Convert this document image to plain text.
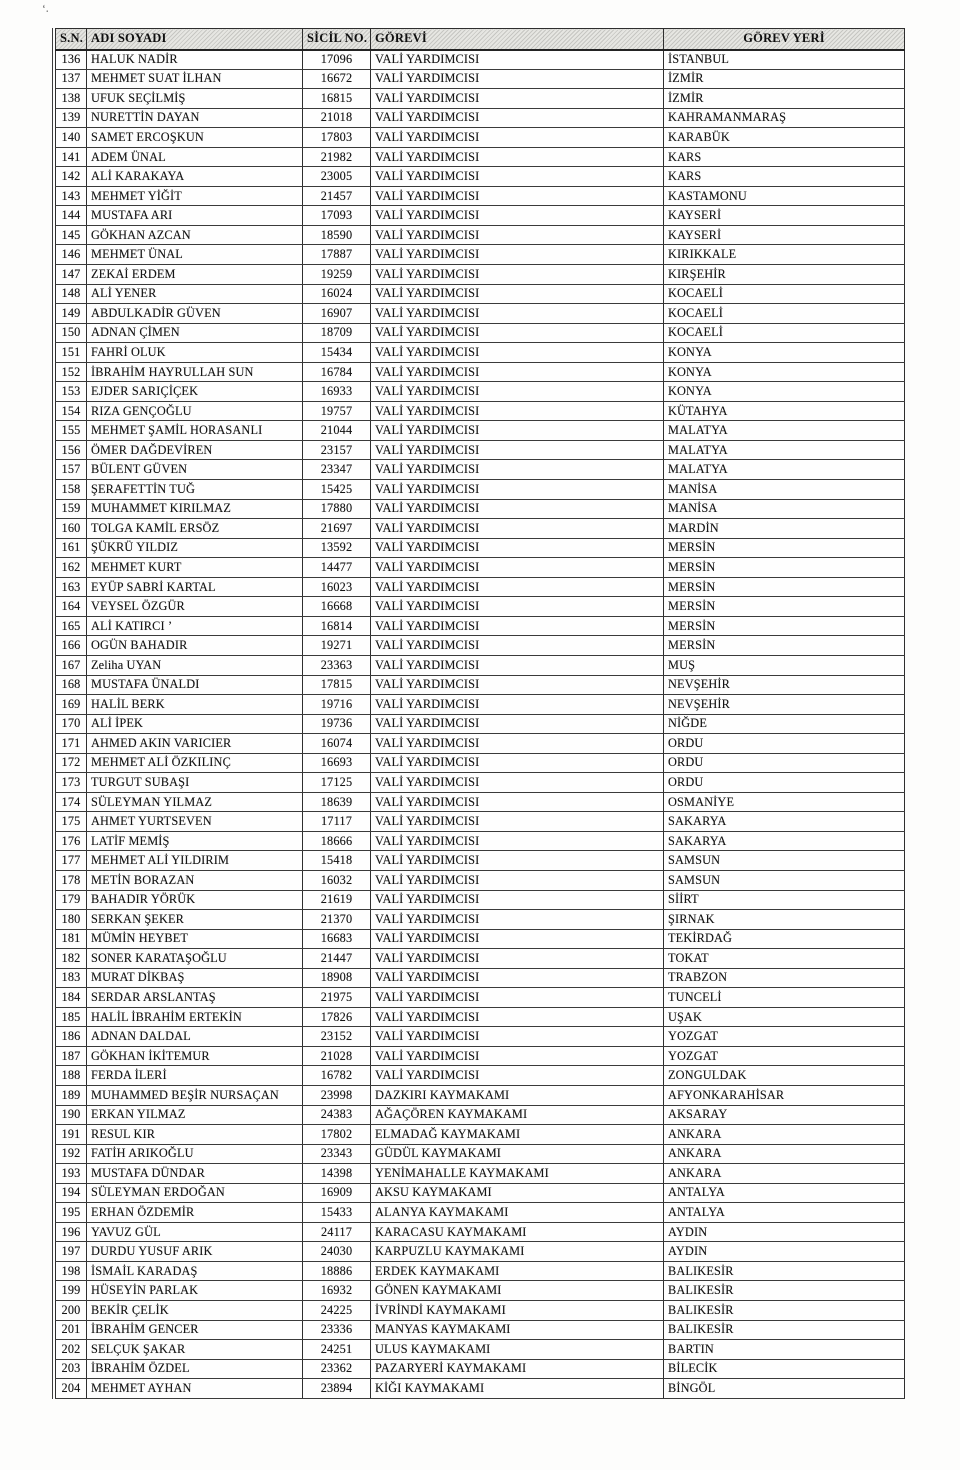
‘.
S.N.	ADI SOYADI	SİCİL NO.	GÖREVİ	GÖREV YERİ
136	HALUK NADİR	17096	VALİ YARDIMCISI	İSTANBUL
137	MEHMET SUAT İLHAN	16672	VALİ YARDIMCISI	İZMİR
138	UFUK SEÇİLMİŞ	16815	VALİ YARDIMCISI	İZMİR
139	NURETTİN DAYAN	21018	VALİ YARDIMCISI	KAHRAMANMARAŞ
140	SAMET ERCOŞKUN	17803	VALİ YARDIMCISI	KARABÜK
141	ADEM ÜNAL	21982	VALİ YARDIMCISI	KARS
142	ALİ KARAKAYA	23005	VALİ YARDIMCISI	KARS
143	MEHMET YİĞİT	21457	VALİ YARDIMCISI	KASTAMONU
144	MUSTAFA ARI	17093	VALİ YARDIMCISI	KAYSERİ
145	GÖKHAN AZCAN	18590	VALİ YARDIMCISI	KAYSERİ
146	MEHMET ÜNAL	17887	VALİ YARDIMCISI	KIRIKKALE
147	ZEKAİ ERDEM	19259	VALİ YARDIMCISI	KIRŞEHİR
148	ALİ YENER	16024	VALİ YARDIMCISI	KOCAELİ
149	ABDULKADİR GÜVEN	16907	VALİ YARDIMCISI	KOCAELİ
150	ADNAN ÇİMEN	18709	VALİ YARDIMCISI	KOCAELİ
151	FAHRİ OLUK	15434	VALİ YARDIMCISI	KONYA
152	İBRAHİM HAYRULLAH SUN	16784	VALİ YARDIMCISI	KONYA
153	EJDER SARIÇİÇEK	16933	VALİ YARDIMCISI	KONYA
154	RIZA GENÇOĞLU	19757	VALİ YARDIMCISI	KÜTAHYA
155	MEHMET ŞAMİL HORASANLI	21044	VALİ YARDIMCISI	MALATYA
156	ÖMER DAĞDEVİREN	23157	VALİ YARDIMCISI	MALATYA
157	BÜLENT GÜVEN	23347	VALİ YARDIMCISI	MALATYA
158	ŞERAFETTİN TUĞ	15425	VALİ YARDIMCISI	MANİSA
159	MUHAMMET KIRILMAZ	17880	VALİ YARDIMCISI	MANİSA
160	TOLGA KAMİL ERSÖZ	21697	VALİ YARDIMCISI	MARDİN
161	ŞÜKRÜ YILDIZ	13592	VALİ YARDIMCISI	MERSİN
162	MEHMET KURT	14477	VALİ YARDIMCISI	MERSİN
163	EYÜP SABRİ KARTAL	16023	VALİ YARDIMCISI	MERSİN
164	VEYSEL ÖZGÜR	16668	VALİ YARDIMCISI	MERSİN
165	ALİ KATIRCI ’	16814	VALİ YARDIMCISI	MERSİN
166	OGÜN BAHADIR	19271	VALİ YARDIMCISI	MERSİN
167	Zeliha UYAN	23363	VALİ YARDIMCISI	MUŞ
168	MUSTAFA ÜNALDI	17815	VALİ YARDIMCISI	NEVŞEHİR
169	HALİL BERK	19716	VALİ YARDIMCISI	NEVŞEHİR
170	ALİ İPEK	19736	VALİ YARDIMCISI	NİĞDE
171	AHMED AKIN VARICIER	16074	VALİ YARDIMCISI	ORDU
172	MEHMET ALİ ÖZKILINÇ	16693	VALİ YARDIMCISI	ORDU
173	TURGUT SUBAŞI	17125	VALİ YARDIMCISI	ORDU
174	SÜLEYMAN YILMAZ	18639	VALİ YARDIMCISI	OSMANİYE
175	AHMET YURTSEVEN	17117	VALİ YARDIMCISI	SAKARYA
176	LATİF MEMİŞ	18666	VALİ YARDIMCISI	SAKARYA
177	MEHMET ALİ YILDIRIM	15418	VALİ YARDIMCISI	SAMSUN
178	METİN BORAZAN	16032	VALİ YARDIMCISI	SAMSUN
179	BAHADIR YÖRÜK	21619	VALİ YARDIMCISI	SİİRT
180	SERKAN ŞEKER	21370	VALİ YARDIMCISI	ŞIRNAK
181	MÜMİN HEYBET	16683	VALİ YARDIMCISI	TEKİRDAĞ
182	SONER KARATAŞOĞLU	21447	VALİ YARDIMCISI	TOKAT
183	MURAT DİKBAŞ	18908	VALİ YARDIMCISI	TRABZON
184	SERDAR ARSLANTAŞ	21975	VALİ YARDIMCISI	TUNCELİ
185	HALİL İBRAHİM ERTEKİN	17826	VALİ YARDIMCISI	UŞAK
186	ADNAN DALDAL	23152	VALİ YARDIMCISI	YOZGAT
187	GÖKHAN İKİTEMUR	21028	VALİ YARDIMCISI	YOZGAT
188	FERDA İLERİ	16782	VALİ YARDIMCISI	ZONGULDAK
189	MUHAMMED BEŞİR NURSAÇAN	23998	DAZKIRI KAYMAKAMI	AFYONKARAHİSAR
190	ERKAN YILMAZ	24383	AĞAÇÖREN KAYMAKAMI	AKSARAY
191	RESUL KIR	17802	ELMADAĞ KAYMAKAMI	ANKARA
192	FATİH ARIKOĞLU	23343	GÜDÜL KAYMAKAMI	ANKARA
193	MUSTAFA DÜNDAR	14398	YENİMAHALLE KAYMAKAMI	ANKARA
194	SÜLEYMAN ERDOĞAN	16909	AKSU KAYMAKAMI	ANTALYA
195	ERHAN ÖZDEMİR	15433	ALANYA KAYMAKAMI	ANTALYA
196	YAVUZ GÜL	24117	KARACASU KAYMAKAMI	AYDIN
197	DURDU YUSUF ARIK	24030	KARPUZLU KAYMAKAMI	AYDIN
198	İSMAİL KARADAŞ	18886	ERDEK KAYMAKAMI	BALIKESİR
199	HÜSEYİN PARLAK	16932	GÖNEN KAYMAKAMI	BALIKESİR
200	BEKİR ÇELİK	24225	İVRİNDİ KAYMAKAMI	BALIKESİR
201	İBRAHİM GENCER	23336	MANYAS KAYMAKAMI	BALIKESİR
202	SELÇUK ŞAKAR	24251	ULUS KAYMAKAMI	BARTIN
203	İBRAHİM ÖZDEL	23362	PAZARYERİ KAYMAKAMI	BİLECİK
204	MEHMET AYHAN	23894	KİĞI KAYMAKAMI	BİNGÖL
